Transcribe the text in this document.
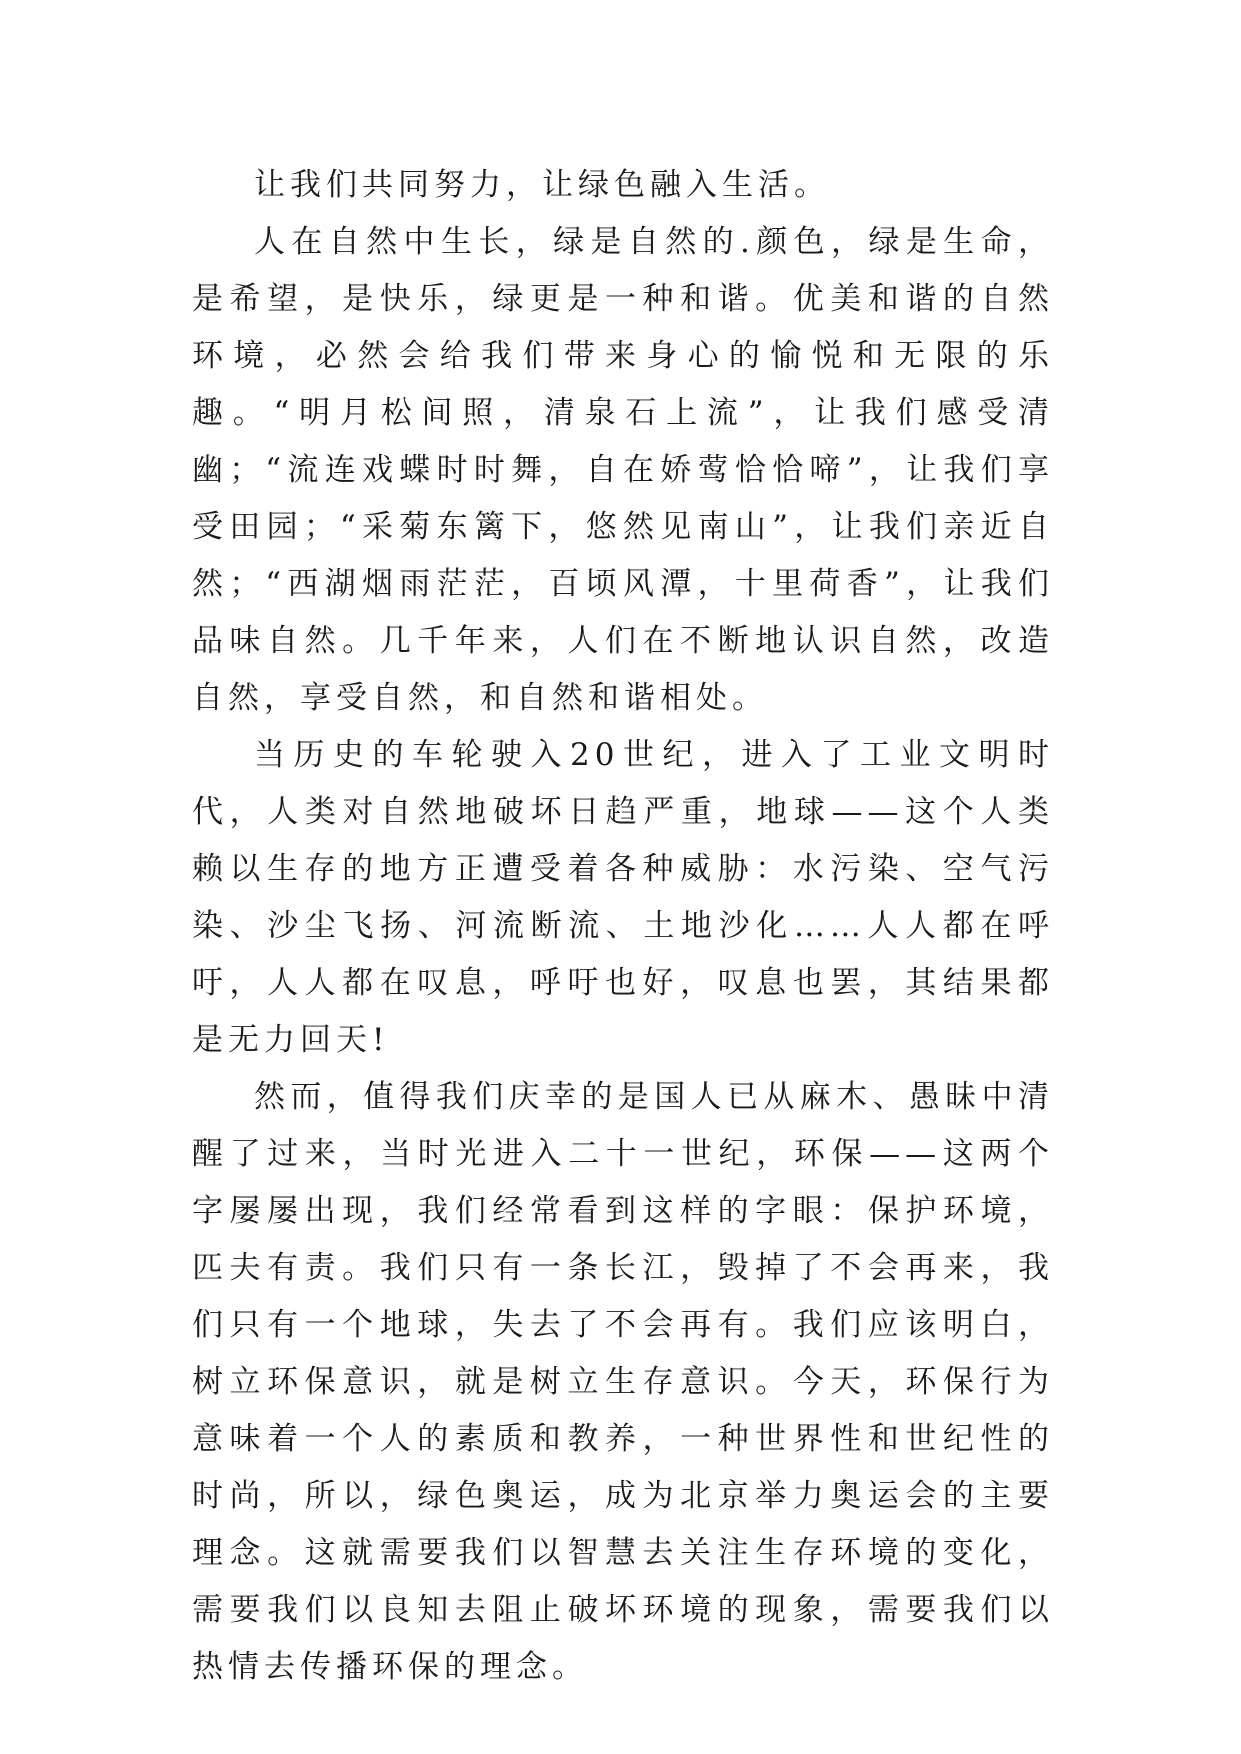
让我们共同努力，让绿色融入生活。

人在自然中生长，绿是自然的.颜色，绿是生命，是希望，是快乐，绿更是一种和谐。优美和谐的自然环境，必然会给我们带来身心的愉悦和无限的乐趣。“明月松间照，清泉石上流”，让我们感受清幽；“流连戏蝶时时舞，自在娇莺恰恰啼”，让我们享受田园；“采菊东篱下，悠然见南山”，让我们亲近自然；“西湖烟雨茫茫，百顷风潭，十里荷香”，让我们品味自然。几千年来，人们在不断地认识自然，改造自然，享受自然，和自然和谐相处。

当历史的车轮驶入20世纪，进入了工业文明时代，人类对自然地破坏日趋严重，地球——这个人类赖以生存的地方正遭受着各种威胁：水污染、空气污染、沙尘飞扬、河流断流、土地沙化……人人都在呼吁，人人都在叹息，呼吁也好，叹息也罢，其结果都是无力回天!

然而，值得我们庆幸的是国人已从麻木、愚昧中清醒了过来，当时光进入二十一世纪，环保——这两个字屡屡出现，我们经常看到这样的字眼：保护环境，匹夫有责。我们只有一条长江，毁掉了不会再来，我们只有一个地球，失去了不会再有。我们应该明白，树立环保意识，就是树立生存意识。今天，环保行为意味着一个人的素质和教养，一种世界性和世纪性的时尚，所以，绿色奥运，成为北京举力奥运会的主要理念。这就需要我们以智慧去关注生存环境的变化，需要我们以良知去阻止破坏环境的现象，需要我们以热情去传播环保的理念。
